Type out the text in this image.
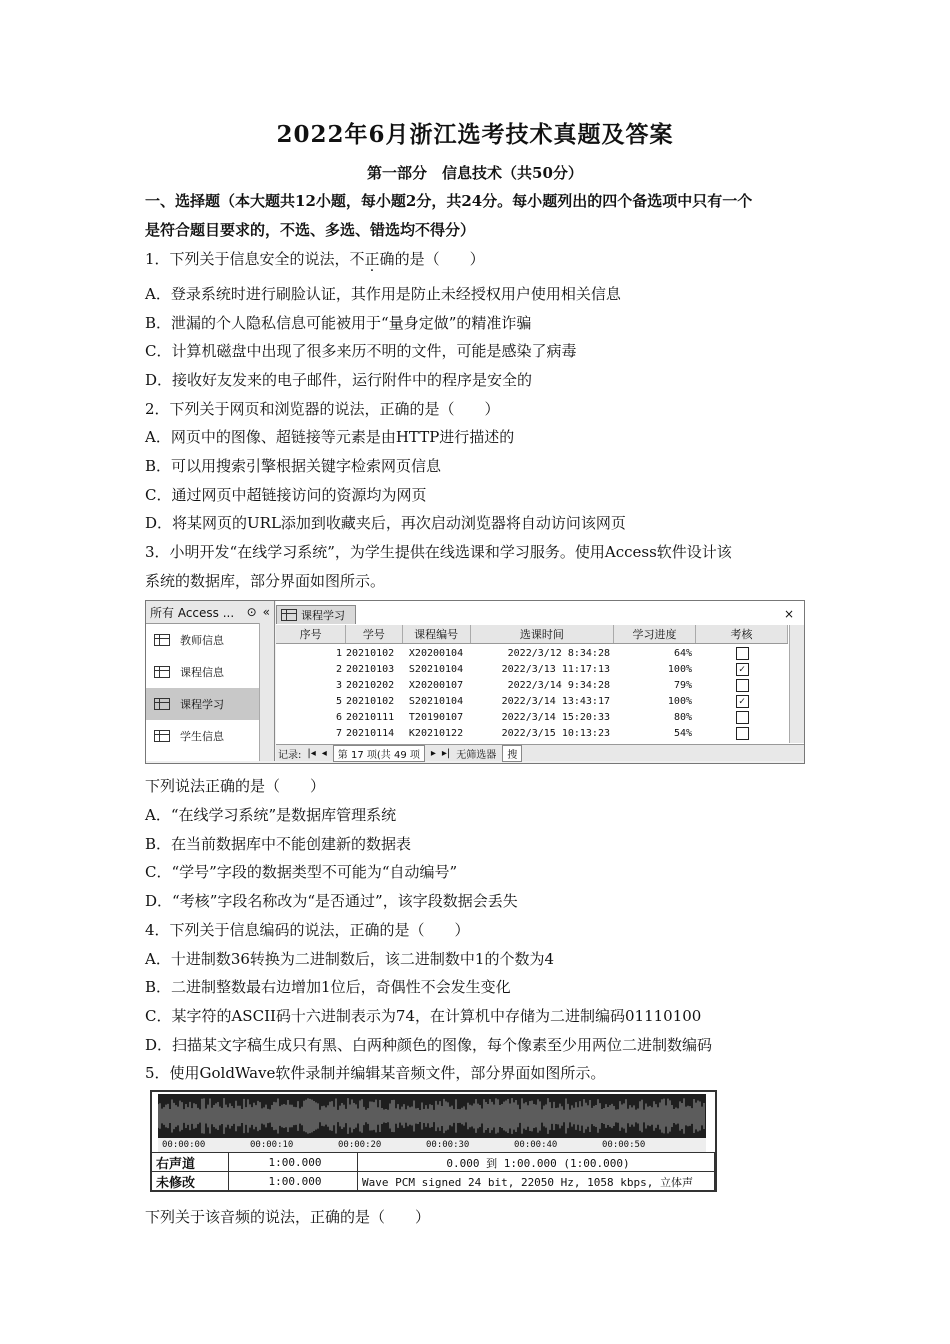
2022年6月浙江选考技术真题及答案
第一部分　信息技术（共50分）
一、选择题（本大题共12小题，每小题2分，共24分。每小题列出的四个备选项中只有一个
是符合题目要求的，不选、多选、错选均不得分）
1．下列关于信息安全的说法，不正确的是（　　）
A．登录系统时进行刷脸认证，其作用是防止未经授权用户使用相关信息
B．泄漏的个人隐私信息可能被用于“量身定做”的精准诈骗
C．计算机磁盘中出现了很多来历不明的文件，可能是感染了病毒
D．接收好友发来的电子邮件，运行附件中的程序是安全的
2．下列关于网页和浏览器的说法，正确的是（　　）
A．网页中的图像、超链接等元素是由HTTP进行描述的
B．可以用搜索引擎根据关键字检索网页信息
C．通过网页中超链接访问的资源均为网页
D．将某网页的URL添加到收藏夹后，再次启动浏览器将自动访问该网页
3．小明开发“在线学习系统”，为学生提供在线选课和学习服务。使用Access软件设计该
系统的数据库，部分界面如图所示。
所有 Access ... ⊙ «
教师信息
课程信息
课程学习
学生信息
课程学习	×
序号	学号	课程编号	选课时间	学习进度	考核
1 20210102	X20200104	2022/3/12 8:34:28	64%
2 20210103	S20210104	2022/3/13 11:17:13	100%	✓
3 20210202	X20200107	2022/3/14 9:34:28	79%
5 20210102	S20210104	2022/3/14 13:43:17	100%	✓
6 20210111	T20190107	2022/3/14 15:20:33	80%
7 20210114	K20210122	2022/3/15 10:13:23	54%
记录: |◂ ◂	第 17 项(共 49 项	▸ ▸| 无筛选器	搜
下列说法正确的是（　　）
A．“在线学习系统”是数据库管理系统
B．在当前数据库中不能创建新的数据表
C．“学号”字段的数据类型不可能为“自动编号”
D．“考核”字段名称改为“是否通过”，该字段数据会丢失
4．下列关于信息编码的说法，正确的是（　　）
A．十进制数36转换为二进制数后，该二进制数中1的个数为4
B．二进制整数最右边增加1位后，奇偶性不会发生变化
C．某字符的ASCII码十六进制表示为74，在计算机中存储为二进制编码01110100
D．扫描某文字稿生成只有黑、白两种颜色的图像，每个像素至少用两位二进制数编码
5．使用GoldWave软件录制并编辑某音频文件，部分界面如图所示。
00:00:00	00:00:10	00:00:20	00:00:30	00:00:40	00:00:50
右声道	1:00.000	0.000 到 1:00.000 (1:00.000)
未修改	1:00.000	Wave PCM signed 24 bit, 22050 Hz, 1058 kbps, 立体声
下列关于该音频的说法，正确的是（　　）
